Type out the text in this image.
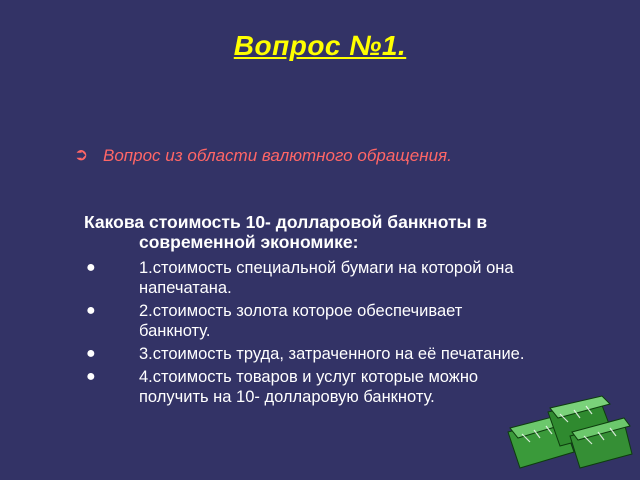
Вопрос №1.
➲ Вопрос из области валютного обращения.
Какова стоимость 10- долларовой банкноты в
современной экономике:
●	1.стоимость специальной бумаги на которой она
напечатана.
●	2.стоимость золота которое обеспечивает
банкноту.
●	3.стоимость труда, затраченного на её печатание.
●	4.стоимость товаров и услуг которые можно
получить на 10- долларовую банкноту.
